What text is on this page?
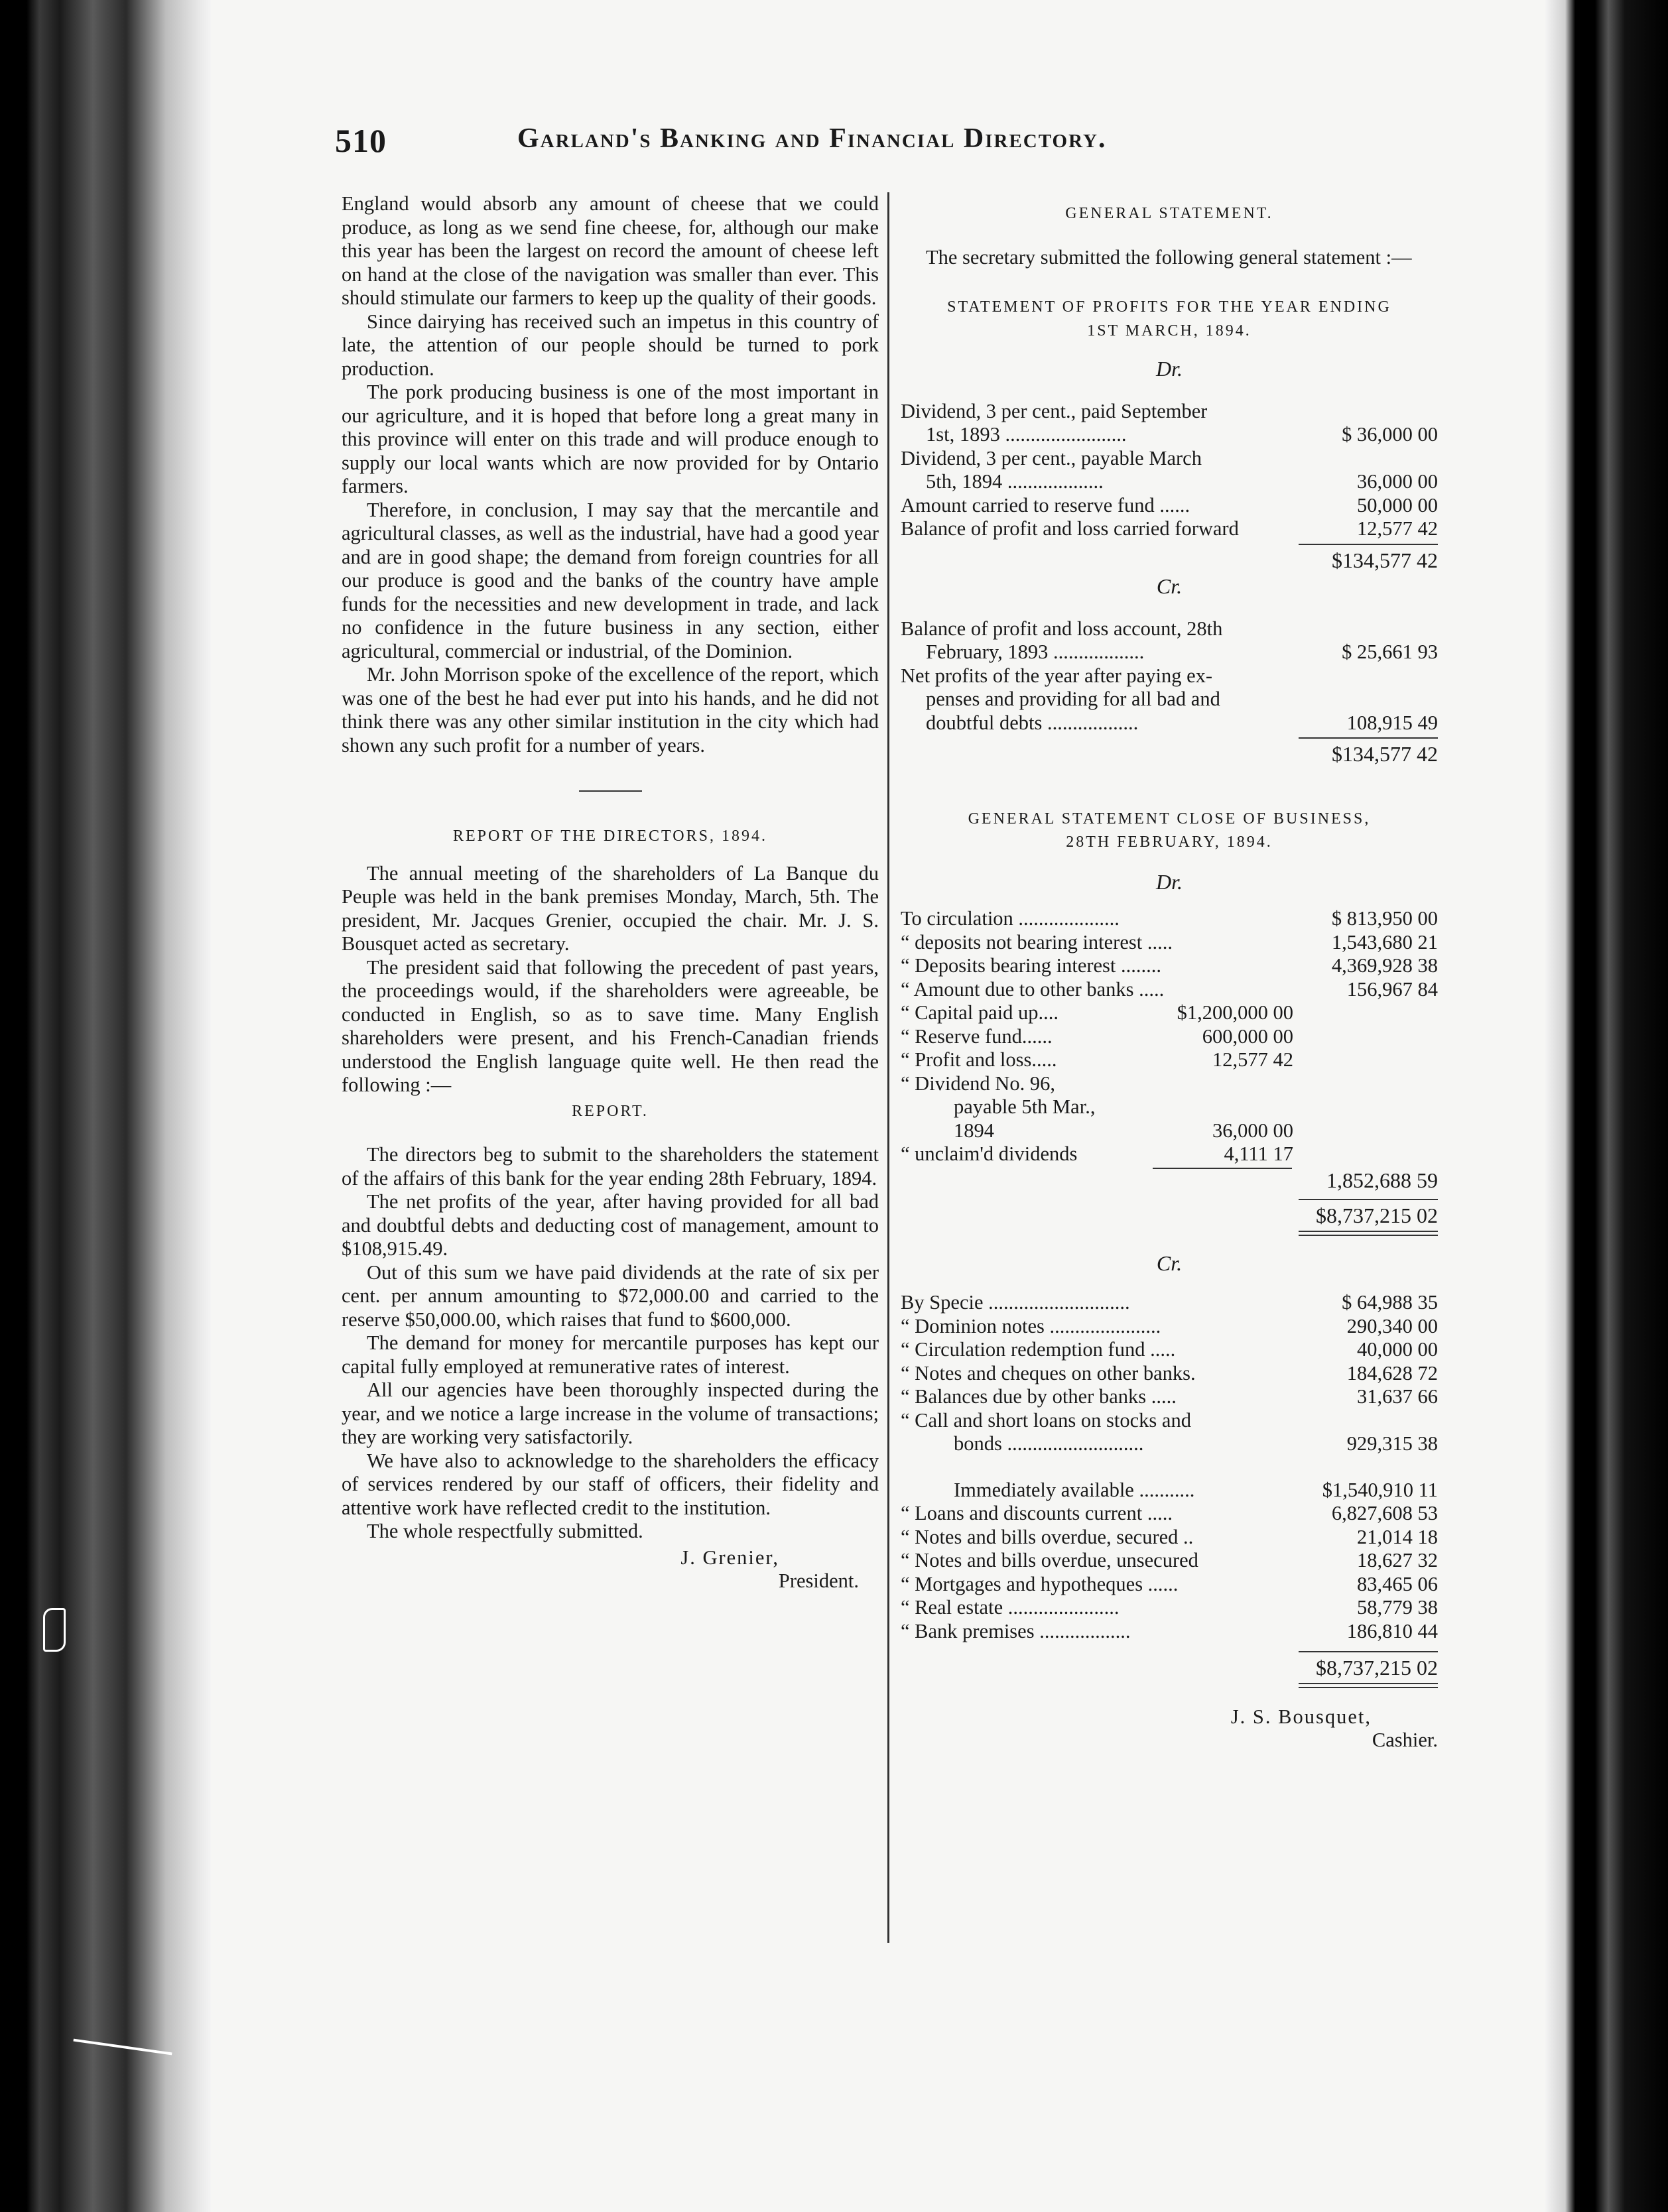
510	Garland's Banking and Financial Directory.

England would absorb any amount of cheese that we could produce, as long as we send fine cheese, for, although our make this year has been the largest on record the amount of cheese left on hand at the close of the navigation was smaller than ever. This should stimulate our farmers to keep up the quality of their goods.

Since dairying has received such an impetus in this country of late, the attention of our people should be turned to pork production.

The pork producing business is one of the most important in our agriculture, and it is hoped that before long a great many in this province will enter on this trade and will produce enough to supply our local wants which are now provided for by Ontario farmers.

Therefore, in conclusion, I may say that the mercantile and agricultural classes, as well as the industrial, have had a good year and are in good shape; the demand from foreign countries for all our produce is good and the banks of the country have ample funds for the necessities and new development in trade, and lack no confidence in the future business in any section, either agricultural, commercial or industrial, of the Dominion.

Mr. John Morrison spoke of the excellence of the report, which was one of the best he had ever put into his hands, and he did not think there was any other similar institution in the city which had shown any such profit for a number of years.

REPORT OF THE DIRECTORS, 1894.

The annual meeting of the shareholders of La Banque du Peuple was held in the bank premises Monday, March, 5th. The president, Mr. Jacques Grenier, occupied the chair. Mr. J. S. Bousquet acted as secretary.

The president said that following the precedent of past years, the proceedings would, if the shareholders were agreeable, be conducted in English, so as to save time. Many English shareholders were present, and his French-Canadian friends understood the English language quite well. He then read the following :—

REPORT.

The directors beg to submit to the shareholders the statement of the affairs of this bank for the year ending 28th February, 1894.

The net profits of the year, after having provided for all bad and doubtful debts and deducting cost of management, amount to $108,915.49.

Out of this sum we have paid dividends at the rate of six per cent. per annum amounting to $72,000.00 and carried to the reserve $50,000.00, which raises that fund to $600,000.

The demand for money for mercantile purposes has kept our capital fully employed at remunerative rates of interest.

All our agencies have been thoroughly inspected during the year, and we notice a large increase in the volume of transactions; they are working very satisfactorily.

We have also to acknowledge to the shareholders the efficacy of services rendered by our staff of officers, their fidelity and attentive work have reflected credit to the institution.

The whole respectfully submitted.

J. Grenier,
President.
GENERAL STATEMENT.

The secretary submitted the following general statement :—

STATEMENT OF PROFITS FOR THE YEAR ENDING
1ST MARCH, 1894.
Dr.
Dividend, 3 per cent., paid September
1st, 1893 ........................	$ 36,000 00
Dividend, 3 per cent., payable March
5th, 1894 ...................	36,000 00
Amount carried to reserve fund ......	50,000 00
Balance of profit and loss carried forward	12,577 42
$134,577 42
Cr.
Balance of profit and loss account, 28th
February, 1893 ..................	$ 25,661 93
Net profits of the year after paying ex-
penses and providing for all bad and
doubtful debts ..................	108,915 49
$134,577 42
GENERAL STATEMENT CLOSE OF BUSINESS,
28TH FEBRUARY, 1894.
Dr.
To circulation ....................	$ 813,950 00
“ deposits not bearing interest .....	1,543,680 21
“ Deposits bearing interest ........	4,369,928 38
“ Amount due to other banks .....	156,967 84
“ Capital paid up....	$1,200,000 00
“ Reserve fund......	600,000 00
“ Profit and loss.....	12,577 42
“ Dividend No. 96,
payable 5th Mar.,
1894	36,000 00
“ unclaim'd dividends	4,111 17
1,852,688 59
$8,737,215 02
Cr.
By Specie ............................	$ 64,988 35
“ Dominion notes ......................	290,340 00
“ Circulation redemption fund .....	40,000 00
“ Notes and cheques on other banks.	184,628 72
“ Balances due by other banks .....	31,637 66
“ Call and short loans on stocks and
bonds ...........................	929,315 38
Immediately available ...........	$1,540,910 11
“ Loans and discounts current .....	6,827,608 53
“ Notes and bills overdue, secured ..	21,014 18
“ Notes and bills overdue, unsecured	18,627 32
“ Mortgages and hypotheques ......	83,465 06
“ Real estate ......................	58,779 38
“ Bank premises ..................	186,810 44
$8,737,215 02
J. S. Bousquet,
Cashier.
